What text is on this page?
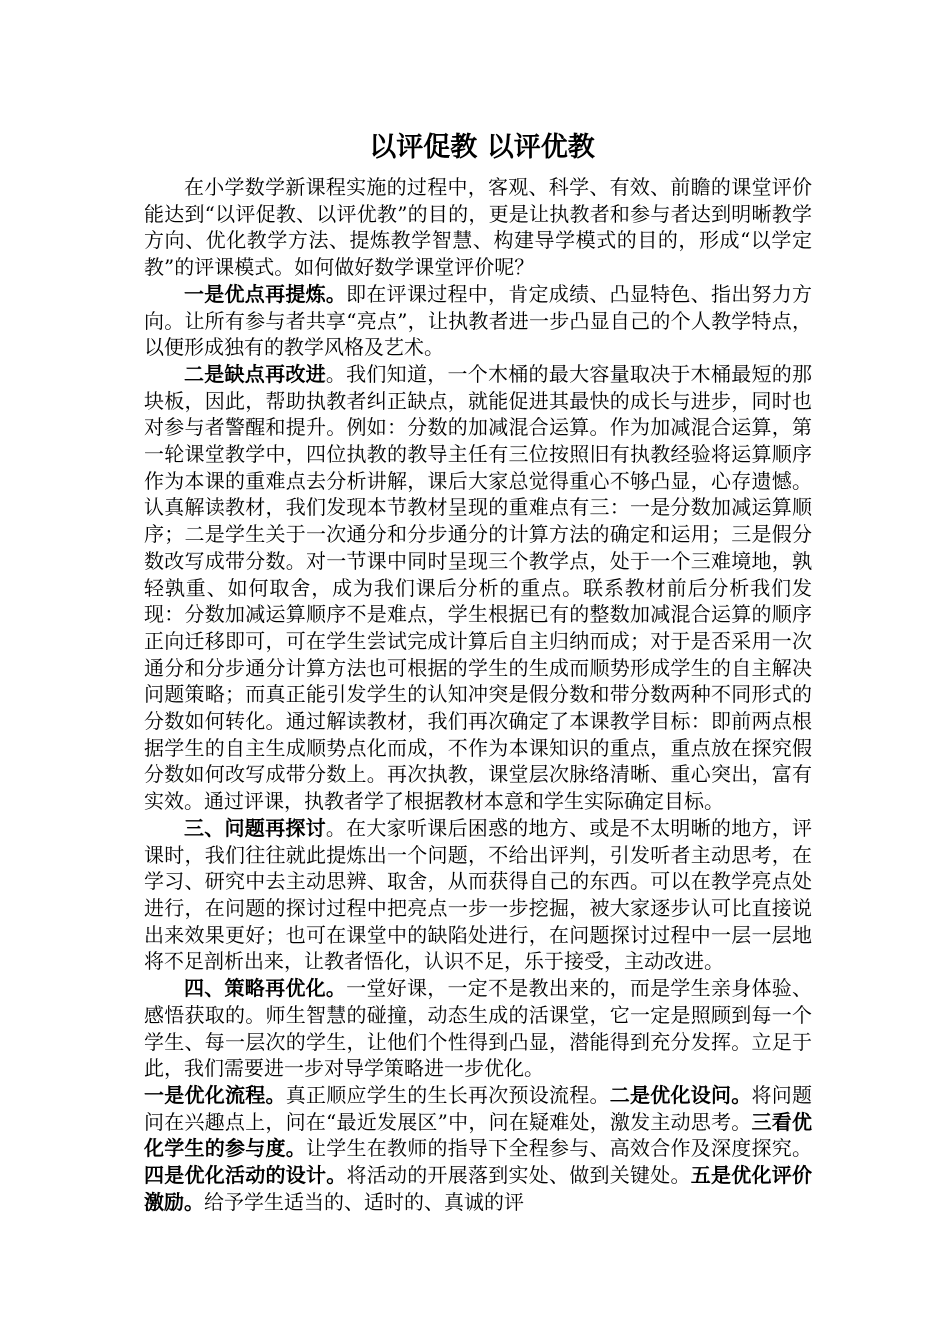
以评促教 以评优教

在小学数学新课程实施的过程中，客观、科学、有效、前瞻的课堂评价能达到“以评促教、以评优教”的目的，更是让执教者和参与者达到明晰教学方向、优化教学方法、提炼教学智慧、构建导学模式的目的，形成“以学定教”的评课模式。如何做好数学课堂评价呢？

一是优点再提炼。即在评课过程中，肯定成绩、凸显特色、指出努力方向。让所有参与者共享“亮点”，让执教者进一步凸显自己的个人教学特点，以便形成独有的教学风格及艺术。

二是缺点再改进。我们知道，一个木桶的最大容量取决于木桶最短的那块板，因此，帮助执教者纠正缺点，就能促进其最快的成长与进步，同时也对参与者警醒和提升。例如：分数的加减混合运算。作为加减混合运算，第一轮课堂教学中，四位执教的教导主任有三位按照旧有执教经验将运算顺序作为本课的重难点去分析讲解，课后大家总觉得重心不够凸显，心存遗憾。认真解读教材，我们发现本节教材呈现的重难点有三：一是分数加减运算顺序；二是学生关于一次通分和分步通分的计算方法的确定和运用；三是假分数改写成带分数。对一节课中同时呈现三个教学点，处于一个三难境地，孰轻孰重、如何取舍，成为我们课后分析的重点。联系教材前后分析我们发现：分数加减运算顺序不是难点，学生根据已有的整数加减混合运算的顺序正向迁移即可，可在学生尝试完成计算后自主归纳而成；对于是否采用一次通分和分步通分计算方法也可根据的学生的生成而顺势形成学生的自主解决问题策略；而真正能引发学生的认知冲突是假分数和带分数两种不同形式的分数如何转化。通过解读教材，我们再次确定了本课教学目标：即前两点根据学生的自主生成顺势点化而成，不作为本课知识的重点，重点放在探究假分数如何改写成带分数上。再次执教，课堂层次脉络清晰、重心突出，富有实效。通过评课，执教者学了根据教材本意和学生实际确定目标。

三、问题再探讨。在大家听课后困惑的地方、或是不太明晰的地方，评课时，我们往往就此提炼出一个问题，不给出评判，引发听者主动思考，在学习、研究中去主动思辨、取舍，从而获得自己的东西。可以在教学亮点处进行，在问题的探讨过程中把亮点一步一步挖掘，被大家逐步认可比直接说出来效果更好；也可在课堂中的缺陷处进行，在问题探讨过程中一层一层地将不足剖析出来，让教者悟化，认识不足，乐于接受，主动改进。

四、策略再优化。一堂好课，一定不是教出来的，而是学生亲身体验、感悟获取的。师生智慧的碰撞，动态生成的活课堂，它一定是照顾到每一个学生、每一层次的学生，让他们个性得到凸显，潜能得到充分发挥。立足于此，我们需要进一步对导学策略进一步优化。

一是优化流程。真正顺应学生的生长再次预设流程。二是优化设问。将问题问在兴趣点上，问在“最近发展区”中，问在疑难处，激发主动思考。三看优化学生的参与度。让学生在教师的指导下全程参与、高效合作及深度探究。四是优化活动的设计。将活动的开展落到实处、做到关键处。五是优化评价激励。给予学生适当的、适时的、真诚的评
